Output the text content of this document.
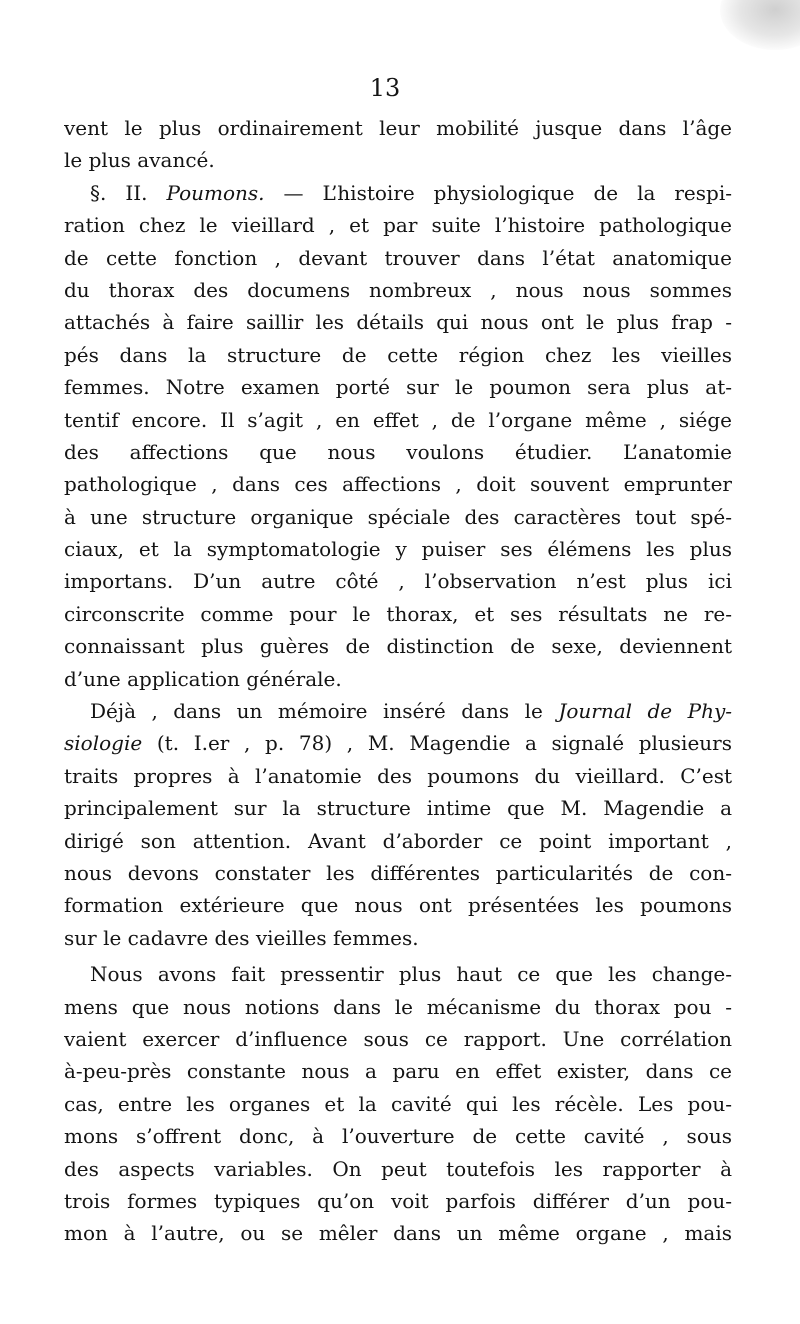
13
vent le plus ordinairement leur mobilité jusque dans l’âge
le plus avancé.
§. II. Poumons. — L’histoire physiologique de la respi-
ration chez le vieillard , et par suite l’histoire pathologique
de cette fonction , devant trouver dans l’état anatomique
du thorax des documens nombreux , nous nous sommes
attachés à faire saillir les détails qui nous ont le plus frap -
pés dans la structure de cette région chez les vieilles
femmes. Notre examen porté sur le poumon sera plus at-
tentif encore. Il s’agit , en effet , de l’organe même , siége
des affections que nous voulons étudier. L’anatomie
pathologique , dans ces affections , doit souvent emprunter
à une structure organique spéciale des caractères tout spé-
ciaux, et la symptomatologie y puiser ses élémens les plus
importans. D’un autre côté , l’observation n’est plus ici
circonscrite comme pour le thorax, et ses résultats ne re-
connaissant plus guères de distinction de sexe, deviennent
d’une application générale.
Déjà , dans un mémoire inséré dans le Journal de Phy-
siologie (t. I.er , p. 78) , M. Magendie a signalé plusieurs
traits propres à l’anatomie des poumons du vieillard. C’est
principalement sur la structure intime que M. Magendie a
dirigé son attention. Avant d’aborder ce point important ,
nous devons constater les différentes particularités de con-
formation extérieure que nous ont présentées les poumons
sur le cadavre des vieilles femmes.
Nous avons fait pressentir plus haut ce que les change-
mens que nous notions dans le mécanisme du thorax pou -
vaient exercer d’influence sous ce rapport. Une corrélation
à-peu-près constante nous a paru en effet exister, dans ce
cas, entre les organes et la cavité qui les récèle. Les pou-
mons s’offrent donc, à l’ouverture de cette cavité , sous
des aspects variables. On peut toutefois les rapporter à
trois formes typiques qu’on voit parfois différer d’un pou-
mon à l’autre, ou se mêler dans un même organe , mais
